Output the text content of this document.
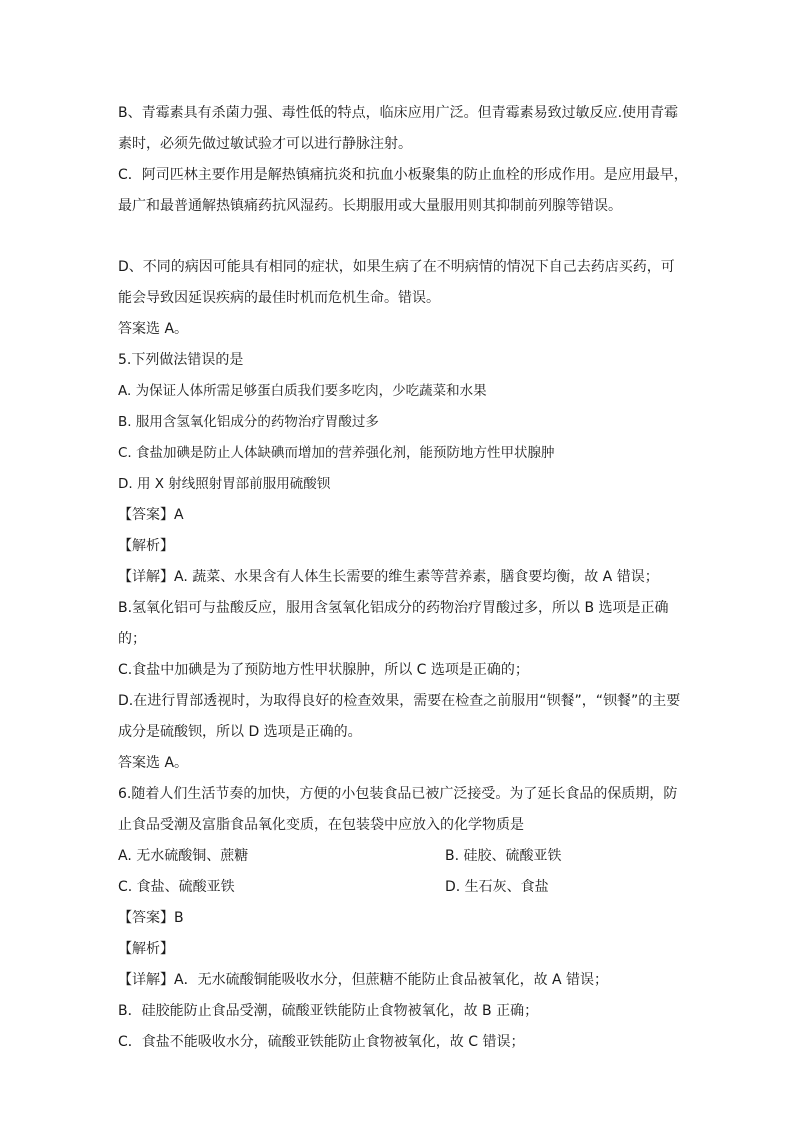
B、青霉素具有杀菌力强、毒性低的特点，临床应用广泛。但青霉素易致过敏反应.使用青霉
素时，必须先做过敏试验才可以进行静脉注射。
C．阿司匹林主要作用是解热镇痛抗炎和抗血小板聚集的防止血栓的形成作用。是应用最早，
最广和最普通解热镇痛药抗风湿药。长期服用或大量服用则其抑制前列腺等错误。
D、不同的病因可能具有相同的症状，如果生病了在不明病情的情况下自己去药店买药，可
能会导致因延误疾病的最佳时机而危机生命。错误。
答案选 A。
5.下列做法错误的是
A. 为保证人体所需足够蛋白质我们要多吃肉，少吃蔬菜和水果
B. 服用含氢氧化铝成分的药物治疗胃酸过多
C. 食盐加碘是防止人体缺碘而增加的营养强化剂，能预防地方性甲状腺肿
D. 用 X 射线照射胃部前服用硫酸钡
【答案】A
【解析】
【详解】A. 蔬菜、水果含有人体生长需要的维生素等营养素，膳食要均衡，故 A 错误；
B.氢氧化铝可与盐酸反应，服用含氢氧化铝成分的药物治疗胃酸过多，所以 B 选项是正确
的；
C.食盐中加碘是为了预防地方性甲状腺肿，所以 C 选项是正确的；
D.在进行胃部透视时，为取得良好的检查效果，需要在检查之前服用“钡餐”，“钡餐”的主要
成分是硫酸钡，所以 D 选项是正确的。
答案选 A。
6.随着人们生活节奏的加快，方便的小包装食品已被广泛接受。为了延长食品的保质期，防
止食品受潮及富脂食品氧化变质，在包装袋中应放入的化学物质是
A. 无水硫酸铜、蔗糖	B. 硅胶、硫酸亚铁
C. 食盐、硫酸亚铁	D. 生石灰、食盐
【答案】B
【解析】
【详解】A．无水硫酸铜能吸收水分，但蔗糖不能防止食品被氧化，故 A 错误；
B．硅胶能防止食品受潮，硫酸亚铁能防止食物被氧化，故 B 正确；
C．食盐不能吸收水分，硫酸亚铁能防止食物被氧化，故 C 错误；
